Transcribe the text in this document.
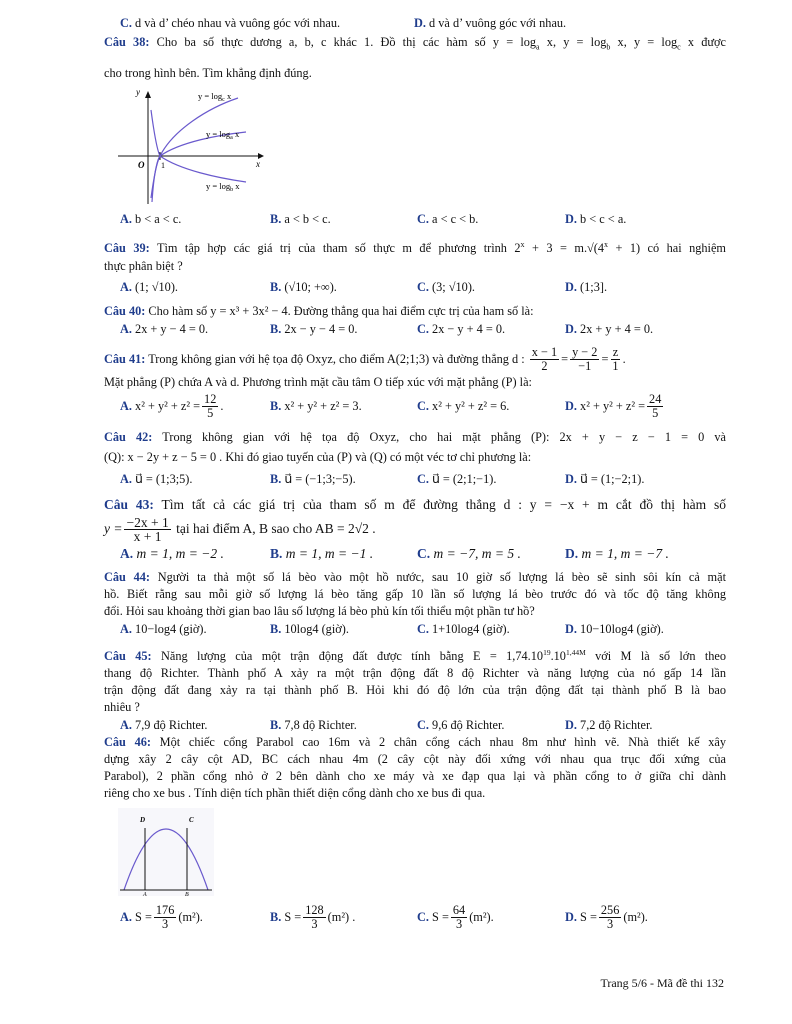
C. d và d’ chéo nhau và vuông góc với nhau.	D. d và d’ vuông góc với nhau.

Câu 38: Cho ba số thực dương a, b, c khác 1. Đồ thị các hàm số $y = \log_a x$, $y = \log_b x$, $y = \log_c x$ được

cho trong hình bên. Tìm khẳng định đúng.

y
x
O 1
$y = \log_c x$
$y = \log_a x$
$y = \log_b x$
A. b < a < c.	B. a < b < c.	C. a < c < b.	D. b < c < a.

Câu 39: Tìm tập hợp các giá trị của tham số thực m để phương trình $2^x + 3 = m.√(4^x + 1)$ có hai nghiệm

thực phân biệt ?

A. (1; √10).	B. (√10; +∞).	C. (3; √10).	D. (1;3].

Câu 40: Cho hàm số y = x³ + 3x² − 4. Đường thẳng qua hai điểm cực trị của ham số là:

A. 2x + y − 4 = 0.	B. 2x − y − 4 = 0.	C. 2x − y + 4 = 0.	D. 2x + y + 4 = 0.

Câu 41: Trong không gian với hệ tọa độ Oxyz, cho điểm A(2;1;3) và đường thẳng d : $\frac{x - 1}{2} = \frac{y - 2}{-1} = \frac{z}{1}$ .

Mặt phẳng (P) chứa A và d. Phương trình mặt cầu tâm O tiếp xúc với mặt phẳng (P) là:

A. $x^2 + y^2 + z^2 = \frac{12}{5}$ .	B. x² + y² + z² = 3.	C. x² + y² + z² = 6.	D. $x^2 + y^2 + z^2 = \frac{24}{5}$

Câu 42: Trong không gian với hệ tọa độ Oxyz, cho hai mặt phẳng (P): 2x + y − z − 1 = 0 và

(Q): x − 2y + z − 5 = 0 . Khi đó giao tuyến của (P) và (Q) có một véc tơ chỉ phương là:

A. u⃗ = (1;3;5).	B. u⃗ = (−1;3;−5).	C. u⃗ = (2;1;−1).	D. u⃗ = (1;−2;1).

Câu 43: Tìm tất cả các giá trị của tham số m để đường thẳng d : y = −x + m cắt đồ thị hàm số

$y = \frac{-2x + 1}{x + 1}$ tại hai điểm A, B sao cho AB = 2√2 .

A. m = 1, m = −2 .	B. m = 1, m = −1 .	C. m = −7, m = 5 .	D. m = 1, m = −7 .

Câu 44: Người ta thả một số lá bèo vào một hồ nước, sau 10 giờ số lượng lá bèo sẽ sinh sôi kín cả mặt

hồ. Biết rằng sau mỗi giờ số lượng lá bèo tăng gấp 10 lần số lượng lá bèo trước đó và tốc độ tăng không

đổi. Hỏi sau khoảng thời gian bao lâu số lượng lá bèo phủ kín tối thiểu một phần tư hồ?

A. 10−log4 (giờ).	B. 10log4 (giờ).	C. 1+10log4 (giờ).	D. 10−10log4 (giờ).

Câu 45: Năng lượng của một trận động đất được tính bằng $E = 1,74.10^{19}.10^{1,44M}$ với M là số lớn theo

thang độ Richter. Thành phố A xảy ra một trận động đất 8 độ Richter và năng lượng của nó gấp 14 lần

trận động đất đang xảy ra tại thành phố B. Hỏi khi đó độ lớn của trận động đất tại thành phố B là bao

nhiêu ?

A. 7,9 độ Richter.	B. 7,8 độ Richter.	C. 9,6 độ Richter.	D. 7,2 độ Richter.

Câu 46: Một chiếc cổng Parabol cao 16m và 2 chân cổng cách nhau 8m như hình vẽ. Nhà thiết kế xây

dựng xây 2 cây cột AD, BC cách nhau 4m (2 cây cột này đối xứng với nhau qua trục đối xứng của

Parabol), 2 phần cổng nhỏ ở 2 bên dành cho xe máy và xe đạp qua lại và phần cổng to ở giữa chỉ dành

riêng cho xe bus . Tính diện tích phần thiết diện cổng dành cho xe bus đi qua.

D	C
A	B
A. $S = \frac{176}{3} (m^2)$.	B. $S = \frac{128}{3} (m^2)$ .	C. $S = \frac{64}{3} (m^2)$.	D. $S = \frac{256}{3} (m^2)$.
Trang 5/6 - Mã đề thi 132
